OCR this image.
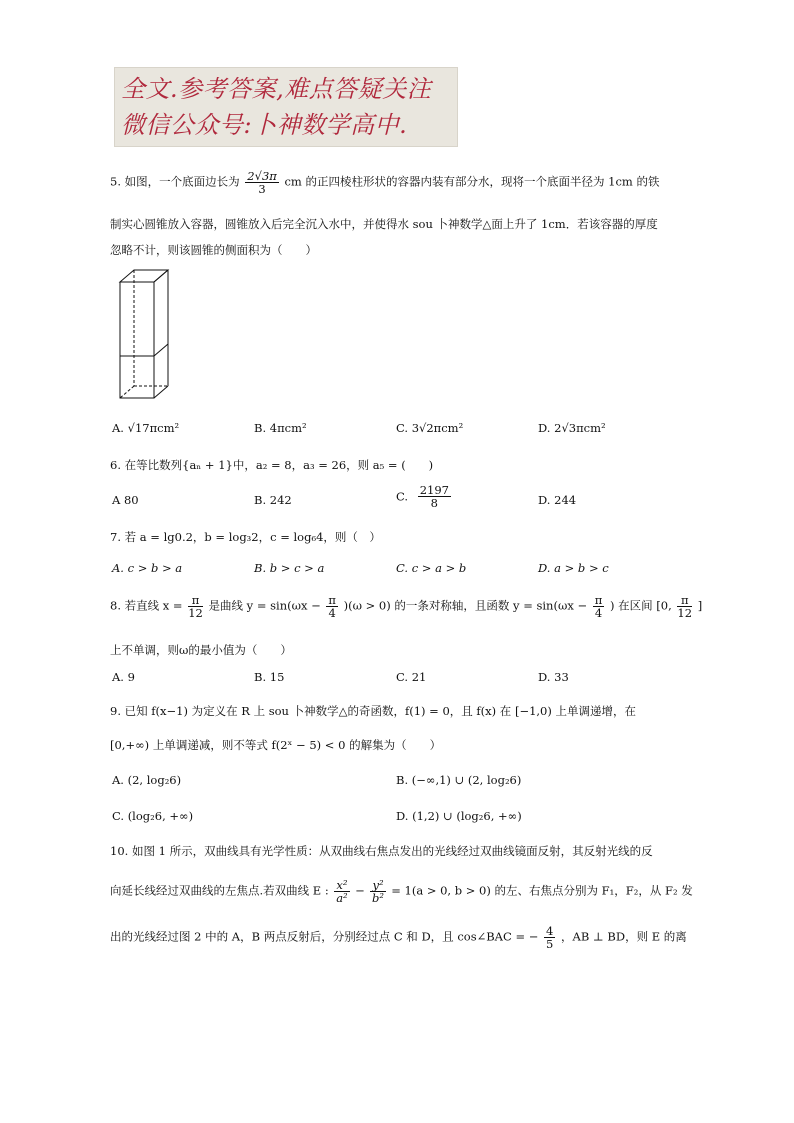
全文.参考答案,难点答疑关注
微信公众号:卜神数学高中.
5. 如图，一个底面边长为 $\frac{2√3\pi}{3}$ cm 的正四棱柱形状的容器内装有部分水，现将一个底面半径为 1cm 的铁
制实心圆锥放入容器，圆锥放入后完全沉入水中，并使得水 sou 卜神数学△面上升了 1cm．若该容器的厚度
忽略不计，则该圆锥的侧面积为（　　）
A. √17πcm²	B. 4πcm²	C. 3√2πcm²	D. 2√3πcm²
6. 在等比数列{aₙ + 1}中，a₂ = 8，a₃ = 26，则 a₅ = (　　)
A 80	B. 242	C. $\frac{2197}{8}$	D. 244
7. 若 a = lg0.2，b = log₃2，c = log₆4，则（　）
A. c > b > a	B. b > c > a	C. c > a > b	D. a > b > c
8. 若直线 $x = \frac{\pi}{12}$ 是曲线 $y = \sin(\omega x - \frac{\pi}{4} )(\omega > 0)$ 的一条对称轴，且函数 $y = \sin(\omega x - \frac{\pi}{4}$ ) 在区间 [0, $\frac{\pi}{12}$ ]
上不单调，则ω的最小值为（　　）
A. 9	B. 15	C. 21	D. 33
9. 已知 f(x−1) 为定义在 R 上 sou 卜神数学△的奇函数，f(1) = 0，且 f(x) 在 [−1,0) 上单调递增，在
[0,+∞) 上单调递减，则不等式 f(2ˣ − 5) < 0 的解集为（　　）
A. (2, log₂6)	B. (−∞,1) ∪ (2, log₂6)
C. (log₂6, +∞)	D. (1,2) ∪ (log₂6, +∞)
10. 如图 1 所示，双曲线具有光学性质：从双曲线右焦点发出的光线经过双曲线镜面反射，其反射光线的反
向延长线经过双曲线的左焦点.若双曲线 E : $\frac{\text{x²}}{\text{a²}} - \frac{\text{y²}}{\text{b²}} = 1(a > 0$, b > 0) 的左、右焦点分别为 F₁，F₂，从 F₂ 发
出的光线经过图 2 中的 A，B 两点反射后，分别经过点 C 和 D，且 cos∠BAC = − $\frac{4}{5}$ ，AB ⊥ BD，则 E 的离
